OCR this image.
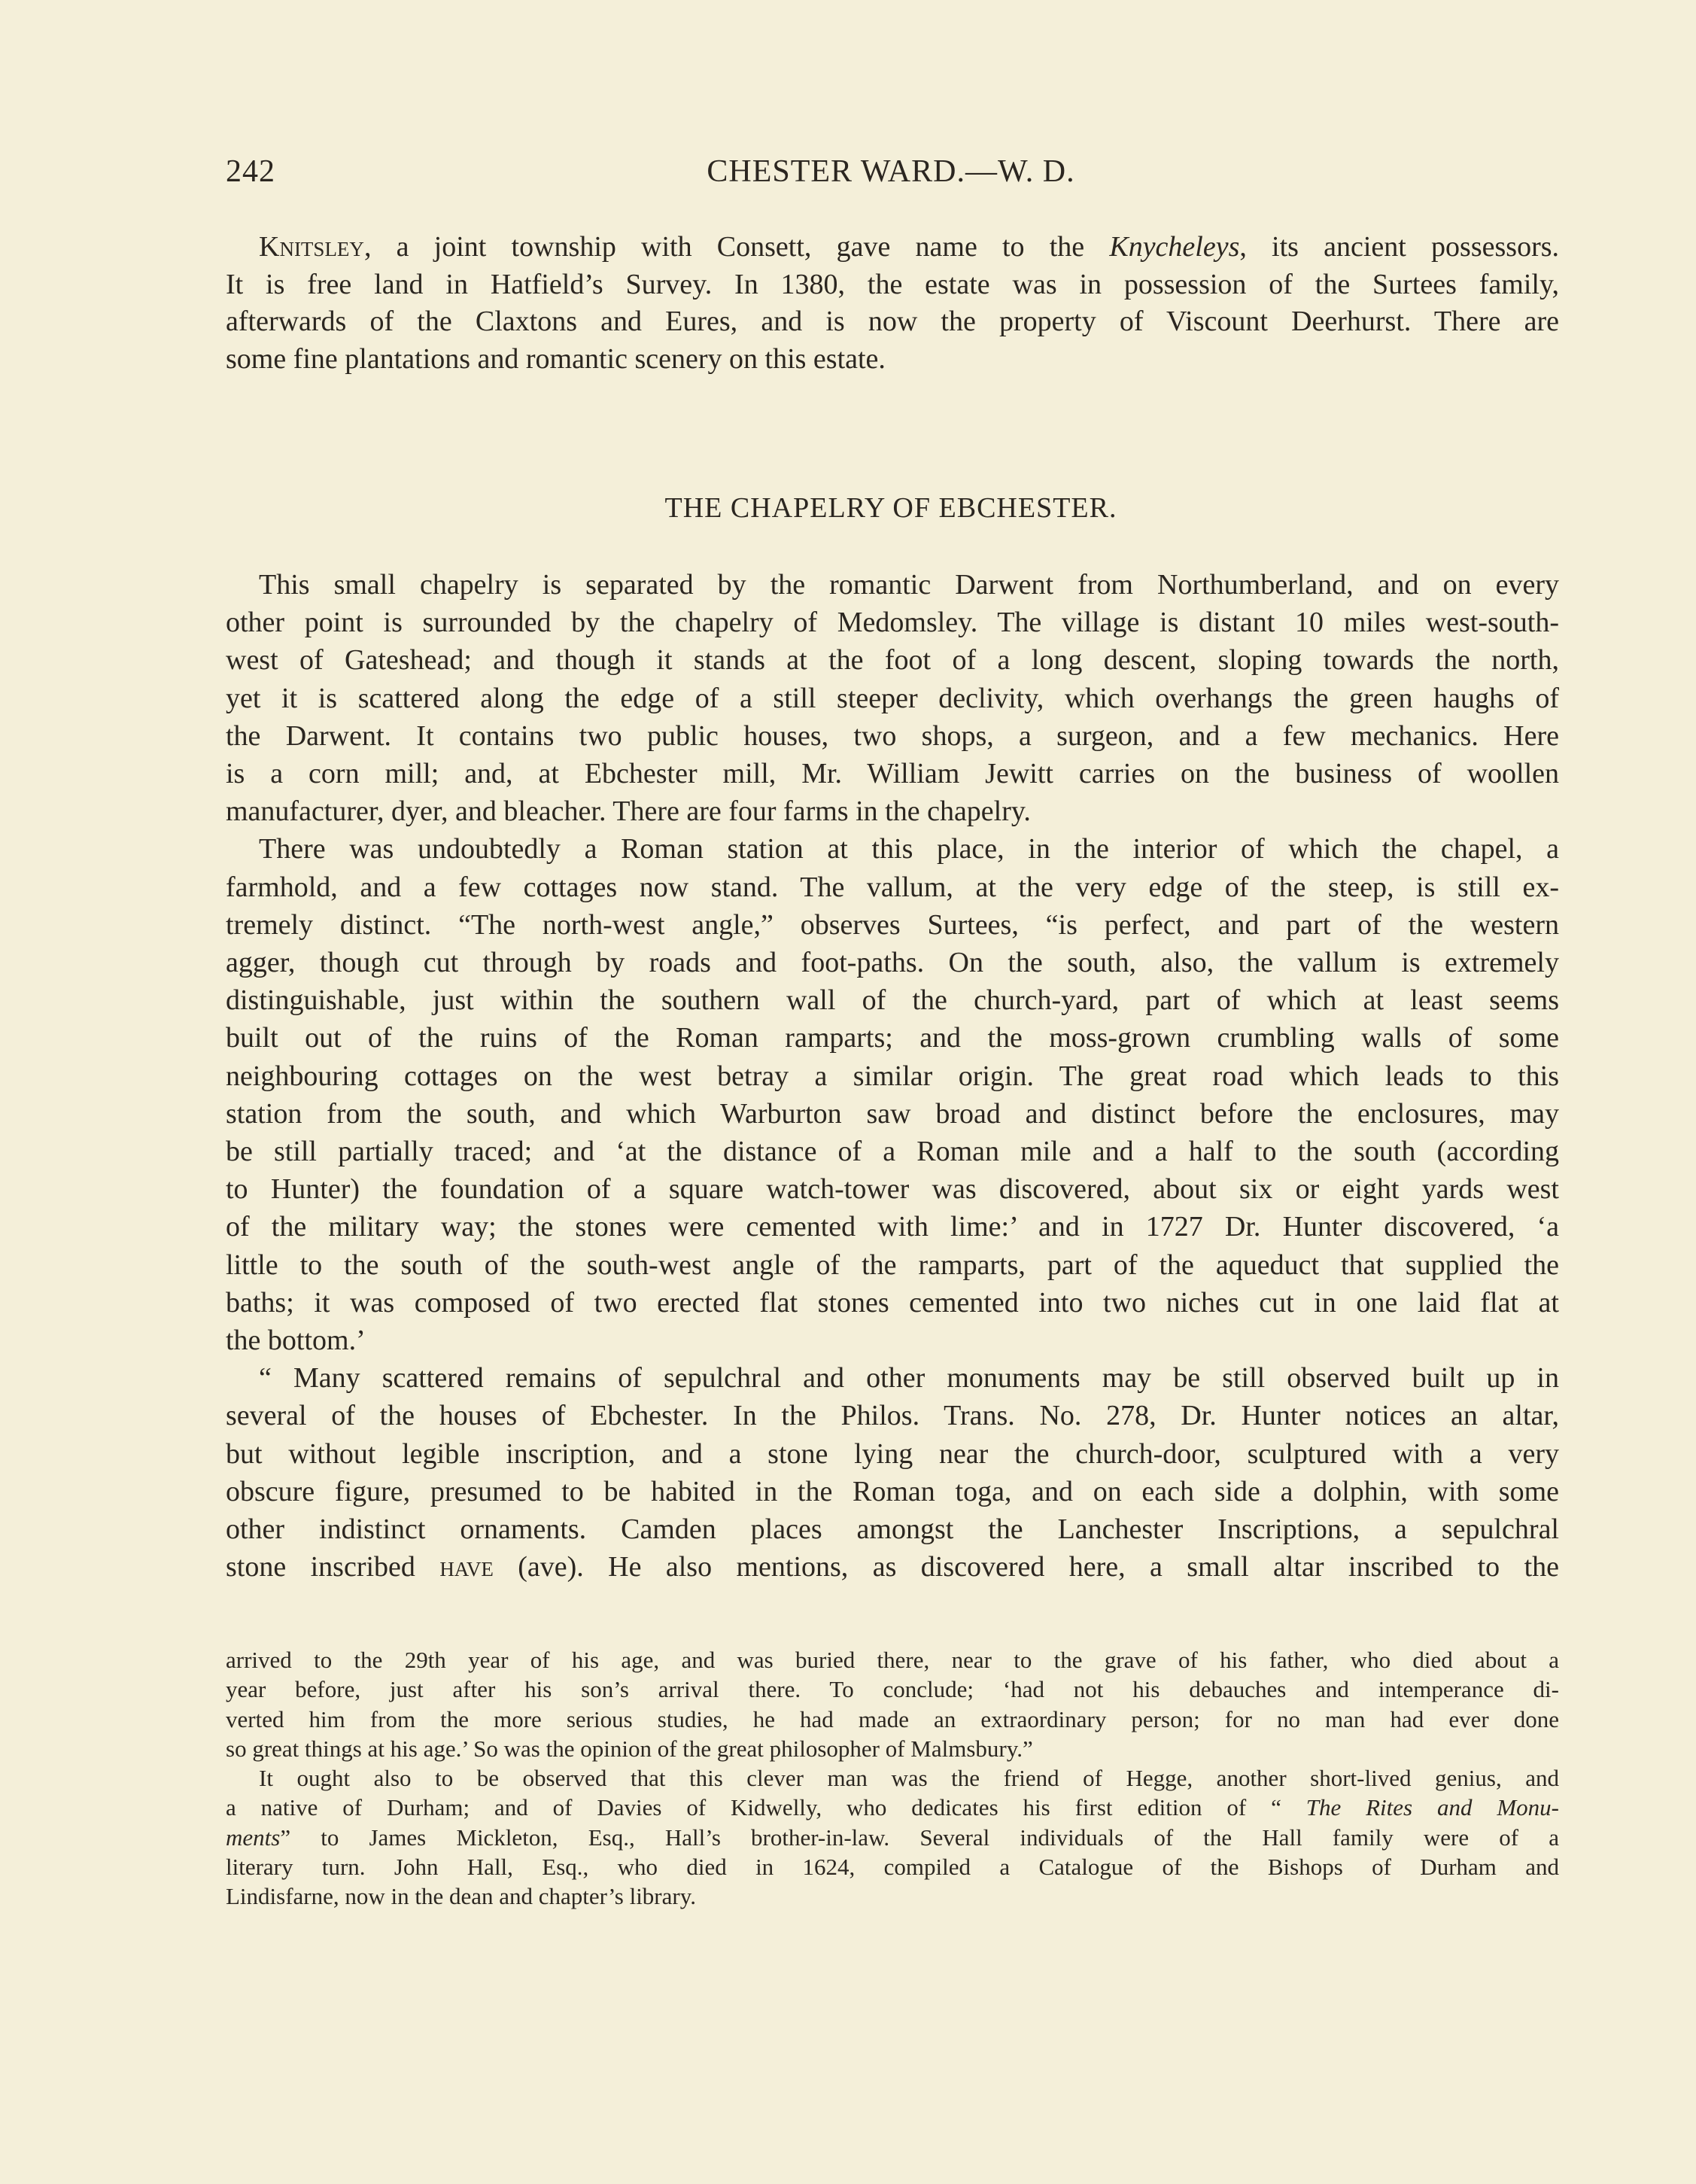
242	CHESTER WARD.—W. D.
Knitsley, a joint township with Consett, gave name to the Knycheleys, its ancient possessors.
It is free land in Hatfield’s Survey. In 1380, the estate was in possession of the Surtees family,
afterwards of the Claxtons and Eures, and is now the property of Viscount Deerhurst. There are
some fine plantations and romantic scenery on this estate.
THE CHAPELRY OF EBCHESTER.
This small chapelry is separated by the romantic Darwent from Northumberland, and on every
other point is surrounded by the chapelry of Medomsley. The village is distant 10 miles west-south-
west of Gateshead; and though it stands at the foot of a long descent, sloping towards the north,
yet it is scattered along the edge of a still steeper declivity, which overhangs the green haughs of
the Darwent. It contains two public houses, two shops, a surgeon, and a few mechanics. Here
is a corn mill; and, at Ebchester mill, Mr. William Jewitt carries on the business of woollen
manufacturer, dyer, and bleacher. There are four farms in the chapelry.
There was undoubtedly a Roman station at this place, in the interior of which the chapel, a
farmhold, and a few cottages now stand. The vallum, at the very edge of the steep, is still ex-
tremely distinct. “The north-west angle,” observes Surtees, “is perfect, and part of the western
agger, though cut through by roads and foot-paths. On the south, also, the vallum is extremely
distinguishable, just within the southern wall of the church-yard, part of which at least seems
built out of the ruins of the Roman ramparts; and the moss-grown crumbling walls of some
neighbouring cottages on the west betray a similar origin. The great road which leads to this
station from the south, and which Warburton saw broad and distinct before the enclosures, may
be still partially traced; and ‘at the distance of a Roman mile and a half to the south (according
to Hunter) the foundation of a square watch-tower was discovered, about six or eight yards west
of the military way; the stones were cemented with lime:’ and in 1727 Dr. Hunter discovered, ‘a
little to the south of the south-west angle of the ramparts, part of the aqueduct that supplied the
baths; it was composed of two erected flat stones cemented into two niches cut in one laid flat at
the bottom.’
“ Many scattered remains of sepulchral and other monuments may be still observed built up in
several of the houses of Ebchester. In the Philos. Trans. No. 278, Dr. Hunter notices an altar,
but without legible inscription, and a stone lying near the church-door, sculptured with a very
obscure figure, presumed to be habited in the Roman toga, and on each side a dolphin, with some
other indistinct ornaments. Camden places amongst the Lanchester Inscriptions, a sepulchral
stone inscribed have (ave). He also mentions, as discovered here, a small altar inscribed to the
arrived to the 29th year of his age, and was buried there, near to the grave of his father, who died about a
year before, just after his son’s arrival there. To conclude; ‘had not his debauches and intemperance di-
verted him from the more serious studies, he had made an extraordinary person; for no man had ever done
so great things at his age.’ So was the opinion of the great philosopher of Malmsbury.”
It ought also to be observed that this clever man was the friend of Hegge, another short-lived genius, and
a native of Durham; and of Davies of Kidwelly, who dedicates his first edition of “ The Rites and Monu-
ments” to James Mickleton, Esq., Hall’s brother-in-law. Several individuals of the Hall family were of a
literary turn. John Hall, Esq., who died in 1624, compiled a Catalogue of the Bishops of Durham and
Lindisfarne, now in the dean and chapter’s library.
